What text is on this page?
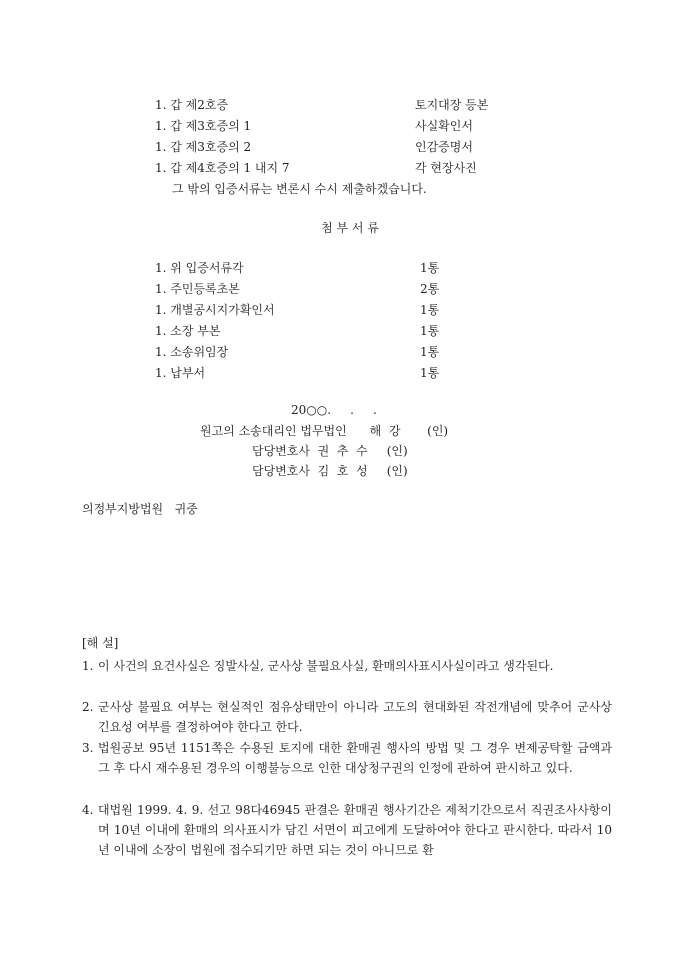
1. 갑 제2호증	토지대장 등본
1. 갑 제3호증의 1	사실확인서
1. 갑 제3호증의 2	인감증명서
1. 갑 제4호증의 1 내지 7	각 현장사진
그 밖의 입증서류는 변론시 수시 제출하겠습니다.
첨 부 서 류
1. 위 입증서류각	1통
1. 주민등록초본	2통
1. 개별공시지가확인서	1통
1. 소장 부본	1통
1. 소송위임장	1통
1. 납부서	1통
20○○.     .     .
원고의 소송대리인 법무법인      해  강       (인)
담당변호사  권  추  수     (인)
담당변호사  김  호  성     (인)
의정부지방법원   귀중
[해 설]
1. 이 사건의 요건사실은 징발사실, 군사상 불필요사실, 환매의사표시사실이라고 생각된다.
2. 군사상 불필요 여부는 현실적인 점유상태만이 아니라 고도의 현대화된 작전개념에 맞추어 군사상 긴요성 여부를 결정하여야 한다고 한다.
3. 법원공보 95년 1151쪽은 수용된 토지에 대한 환매권 행사의 방법 및 그 경우 변제공탁할 금액과 그 후 다시 재수용된 경우의 이행불능으로 인한 대상청구권의 인정에 관하여 판시하고 있다.
4. 대법원 1999. 4. 9. 선고 98다46945 판결은 환매권 행사기간은 제척기간으로서 직권조사사항이며 10년 이내에 환매의 의사표시가 담긴 서면이 피고에게 도달하여야 한다고 판시한다. 따라서 10년 이내에 소장이 법원에 접수되기만 하면 되는 것이 아니므로 환
